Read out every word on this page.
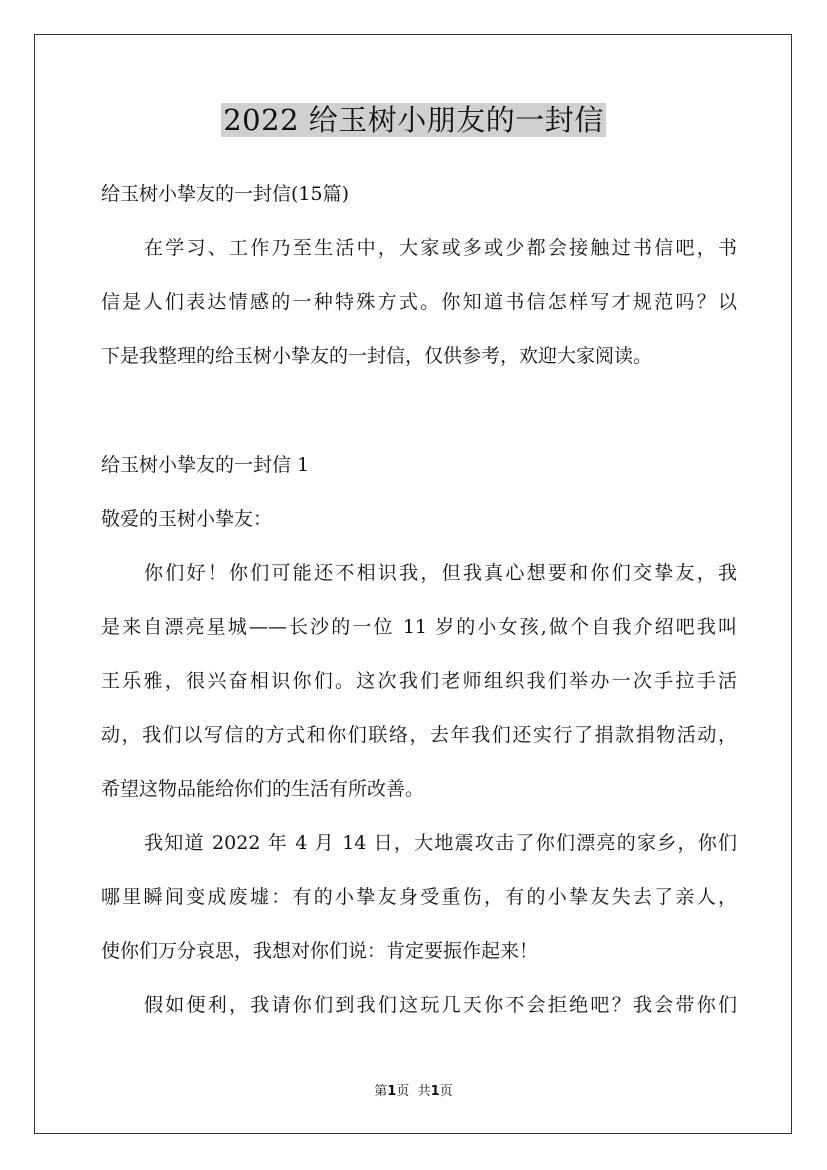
2022 给玉树小朋友的一封信
给玉树小挚友的一封信(15篇)
在学习、工作乃至生活中，大家或多或少都会接触过书信吧，书
信是人们表达情感的一种特殊方式。你知道书信怎样写才规范吗？以
下是我整理的给玉树小挚友的一封信，仅供参考，欢迎大家阅读。
给玉树小挚友的一封信 1
敬爱的玉树小挚友：
你们好！你们可能还不相识我，但我真心想要和你们交挚友，我
是来自漂亮星城——长沙的一位 11 岁的小女孩,做个自我介绍吧我叫
王乐雅，很兴奋相识你们。这次我们老师组织我们举办一次手拉手活
动，我们以写信的方式和你们联络，去年我们还实行了捐款捐物活动，
希望这物品能给你们的生活有所改善。
我知道 2022 年 4 月 14 日，大地震攻击了你们漂亮的家乡，你们
哪里瞬间变成废墟：有的小挚友身受重伤，有的小挚友失去了亲人，
使你们万分哀思，我想对你们说：肯定要振作起来！
假如便利，我请你们到我们这玩几天你不会拒绝吧？我会带你们
第1页 共1页
